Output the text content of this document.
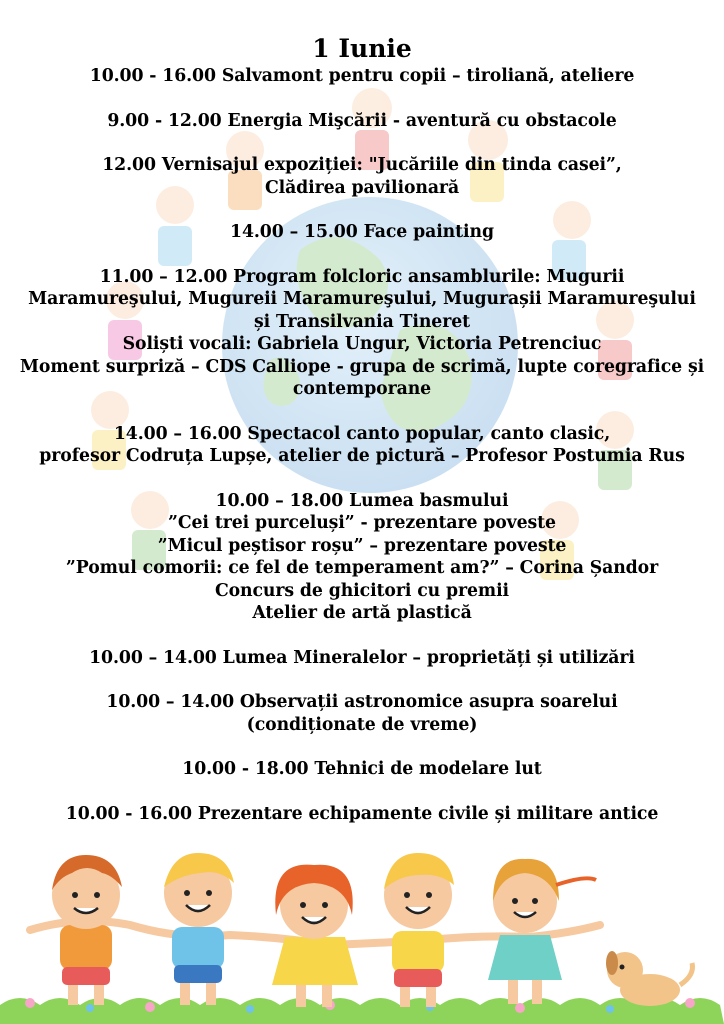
1 Iunie
10.00 - 16.00 Salvamont pentru copii – tiroliană, ateliere
9.00 - 12.00 Energia Mişcării - aventură cu obstacole
12.00 Vernisajul expoziției: "Jucăriile din tinda casei”,
Clădirea pavilionară
14.00 – 15.00 Face painting
11.00 – 12.00 Program folcloric ansamblurile: Mugurii
Maramureşului, Mugureii Maramureşului, Mugurașii Maramureşului
și Transilvania Tineret
Soliști vocali: Gabriela Ungur, Victoria Petrenciuc
Moment surpriză – CDS Calliope - grupa de scrimă, lupte coregrafice și
contemporane
14.00 – 16.00 Spectacol canto popular, canto clasic,
profesor Codruța Lupșe, atelier de pictură – Profesor Postumia Rus
10.00 – 18.00 Lumea basmului
”Cei trei purceluși” - prezentare poveste
”Micul peștisor roșu” – prezentare poveste
”Pomul comorii: ce fel de temperament am?” – Corina Șandor
Concurs de ghicitori cu premii
Atelier de artă plastică
10.00 – 14.00 Lumea Mineralelor – proprietăți și utilizări
10.00 – 14.00 Observații astronomice asupra soarelui
(condiționate de vreme)
10.00 - 18.00 Tehnici de modelare lut
10.00 - 16.00 Prezentare echipamente civile și militare antice
